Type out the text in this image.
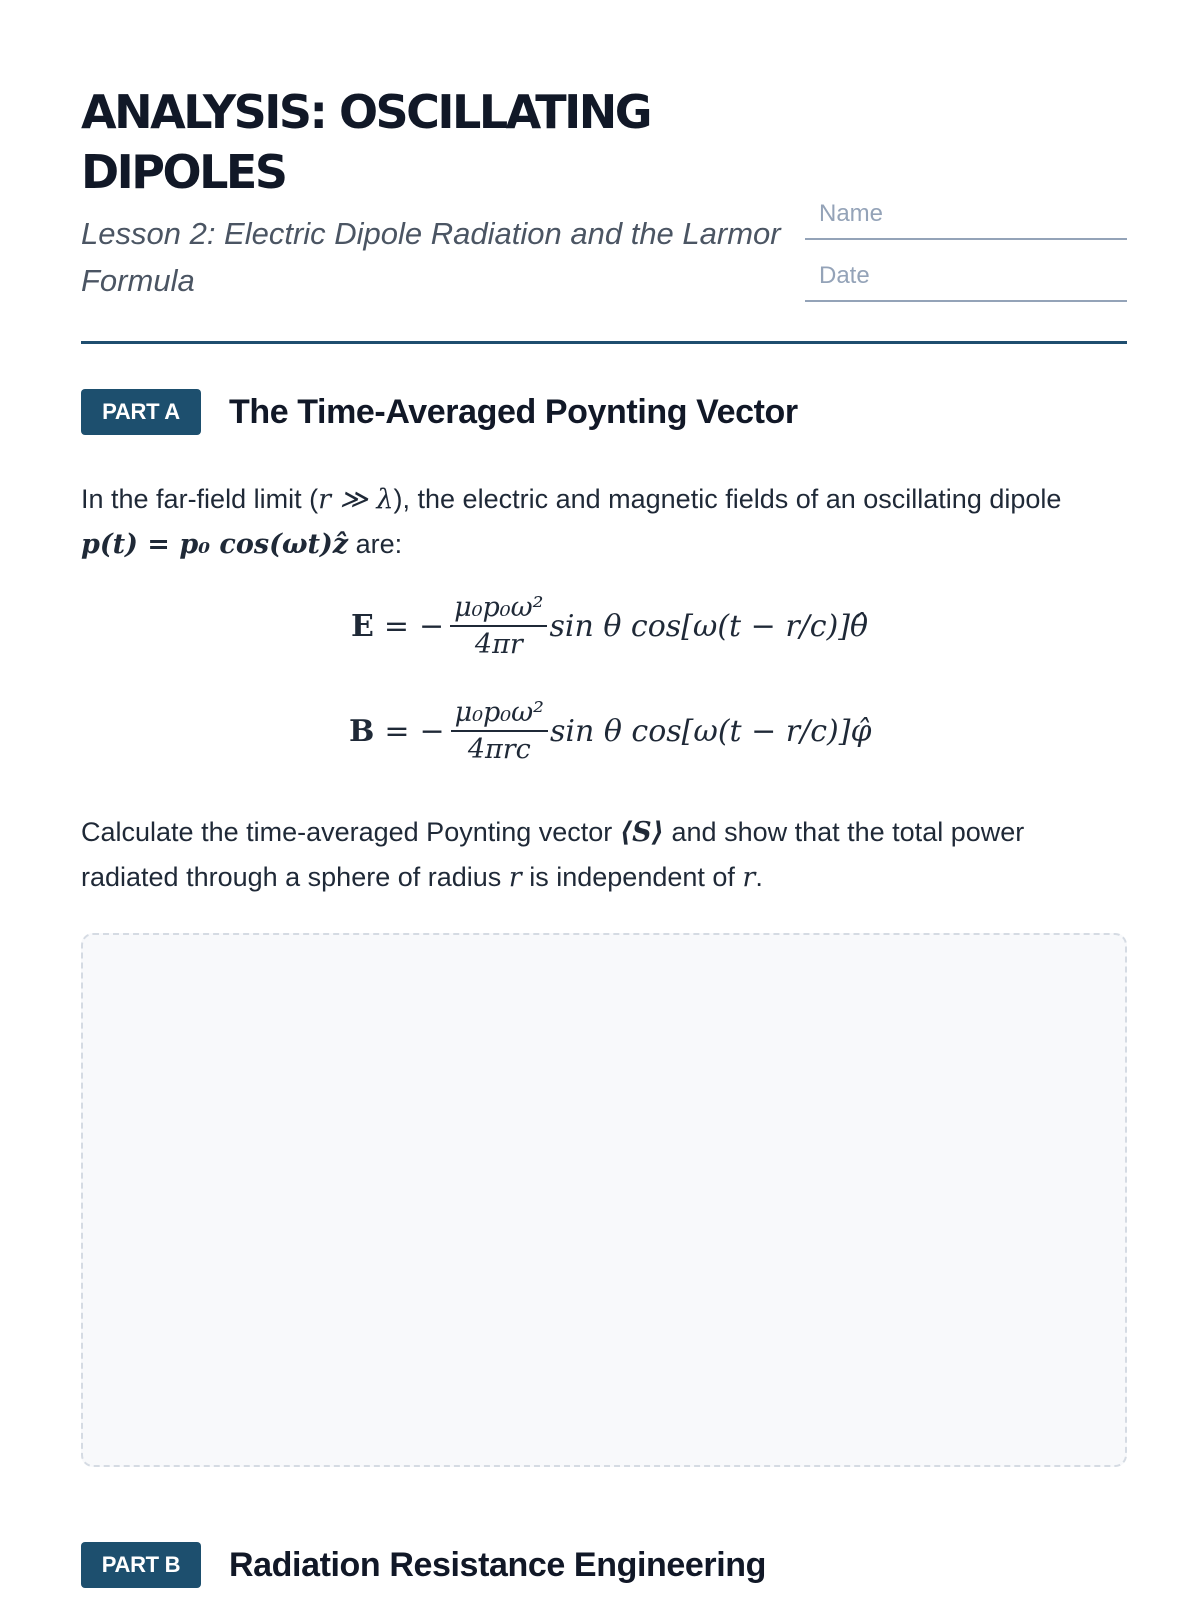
ANALYSIS: OSCILLATING
DIPOLES

Lesson 2: Electric Dipole Radiation and the Larmor Formula

Name
Date
PART A	The Time-Averaged Poynting Vector

In the far-field limit (r ≫ λ), the electric and magnetic fields of an oscillating dipole
p(t) = p₀ cos(ωt)ẑ are:

E = − $\frac{\text{μ₀p₀ω²}}{4\pi r}$ sin θ cos[ω(t − r/c)]θ̂
B = − $\frac{\text{μ₀p₀ω²}}{\text{4πrc}}$ sin θ cos[ω(t − r/c)]φ̂

Calculate the time-averaged Poynting vector ⟨S⟩ and show that the total power radiated through a sphere of radius r is independent of r.

PART B	Radiation Resistance Engineering
